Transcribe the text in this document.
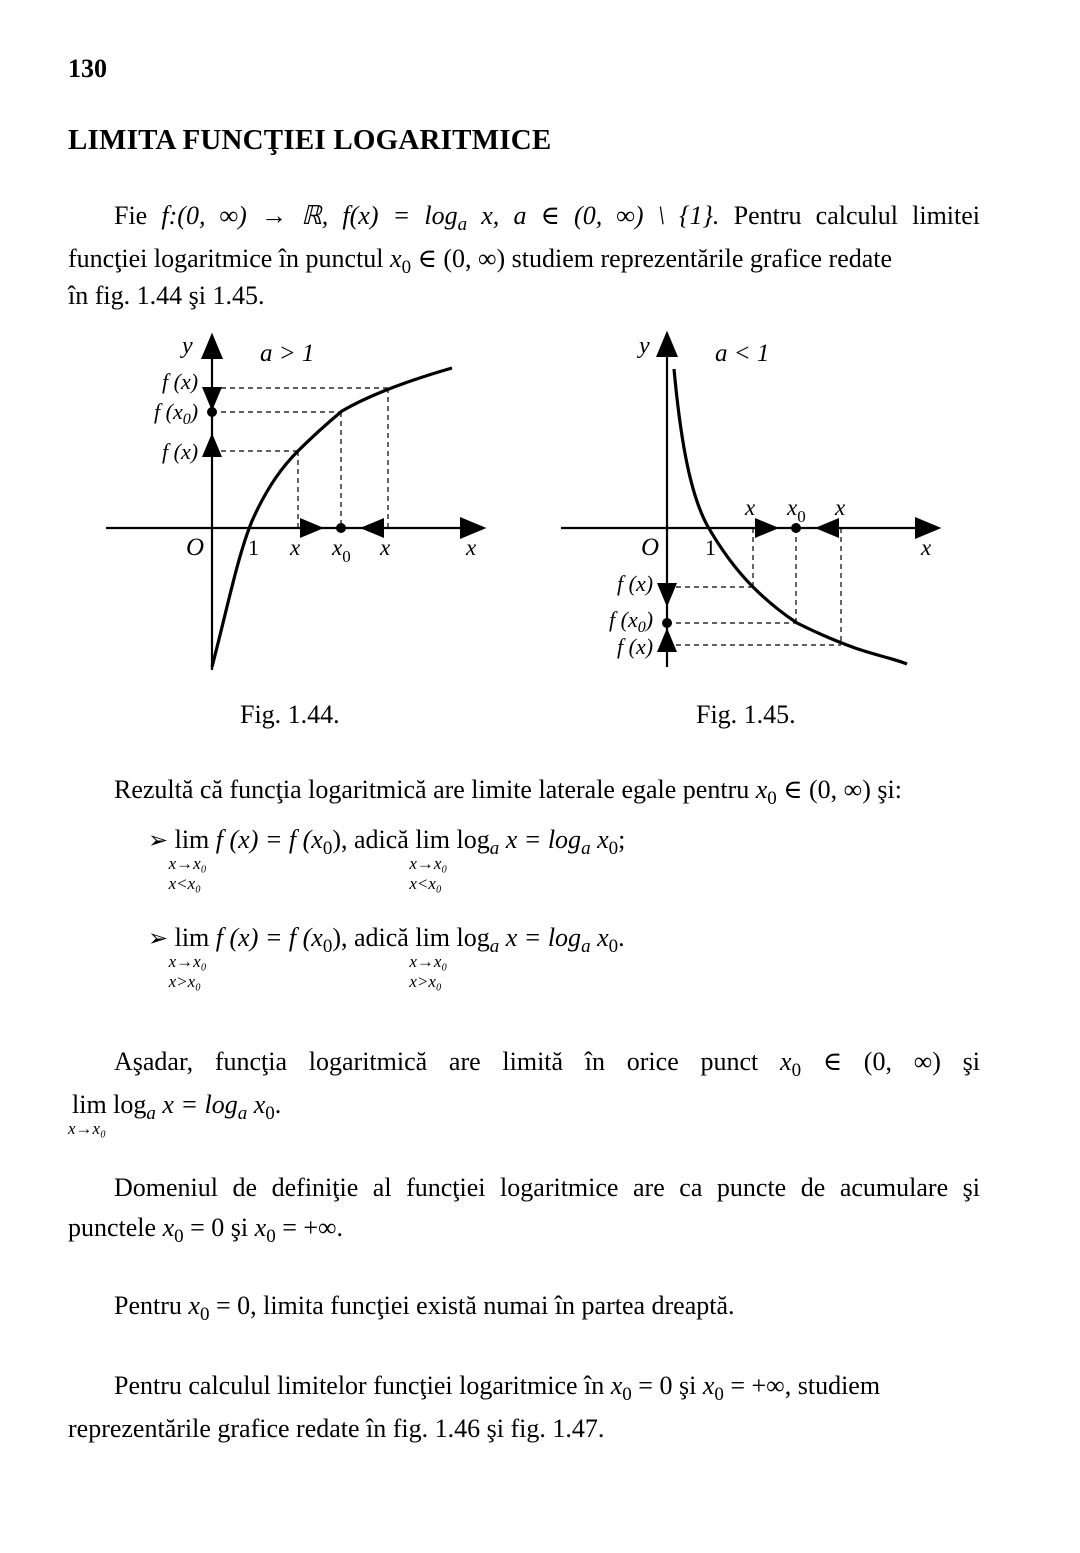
130
LIMITA FUNCŢIEI LOGARITMICE
Fie f:(0, ∞) → ℝ, $f(x) = \log_a x$, a ∈ (0, ∞) \ {1}. Pentru calculul limitei
funcţiei logaritmice în punctul $x_0$ ∈ (0, ∞) studiem reprezentările grafice redate
în fig. 1.44 şi 1.45.
y	a > 1
f (x)
f $(x_0)$
f (x)
O 1 x $x_0$ x	x
Fig. 1.44.
y	a < 1
x $x_0$ x
O 1	x
f (x)
f $(x_0)$
f (x)
Fig. 1.45.
Rezultă că funcţia logaritmică are limite laterale egale pentru $x_0$ ∈ (0, ∞) şi:
➢ lim
x→x₀
x<x₀
f (x) = f $(x_0)$, adică lim
x→x₀
x<x₀
$\log_a x = \log_a x_0$;
➢ lim
x→x₀
x>x₀
f (x) = f $(x_0)$, adică lim
x→x₀
x>x₀
$\log_a x = \log_a x_0$.
Aşadar, funcţia logaritmică are limită în orice punct $x_0$ ∈ (0, ∞) şi
lim
x→x₀
$\log_a x = \log_a x_0$.
Domeniul de definiţie al funcţiei logaritmice are ca puncte de acumulare şi
punctele $x_0 = 0$ şi $x_0$ = +∞.
Pentru $x_0 = 0$, limita funcţiei există numai în partea dreaptă.
Pentru calculul limitelor funcţiei logaritmice în $x_0 = 0$ şi $x_0$ = +∞, studiem
reprezentările grafice redate în fig. 1.46 şi fig. 1.47.
